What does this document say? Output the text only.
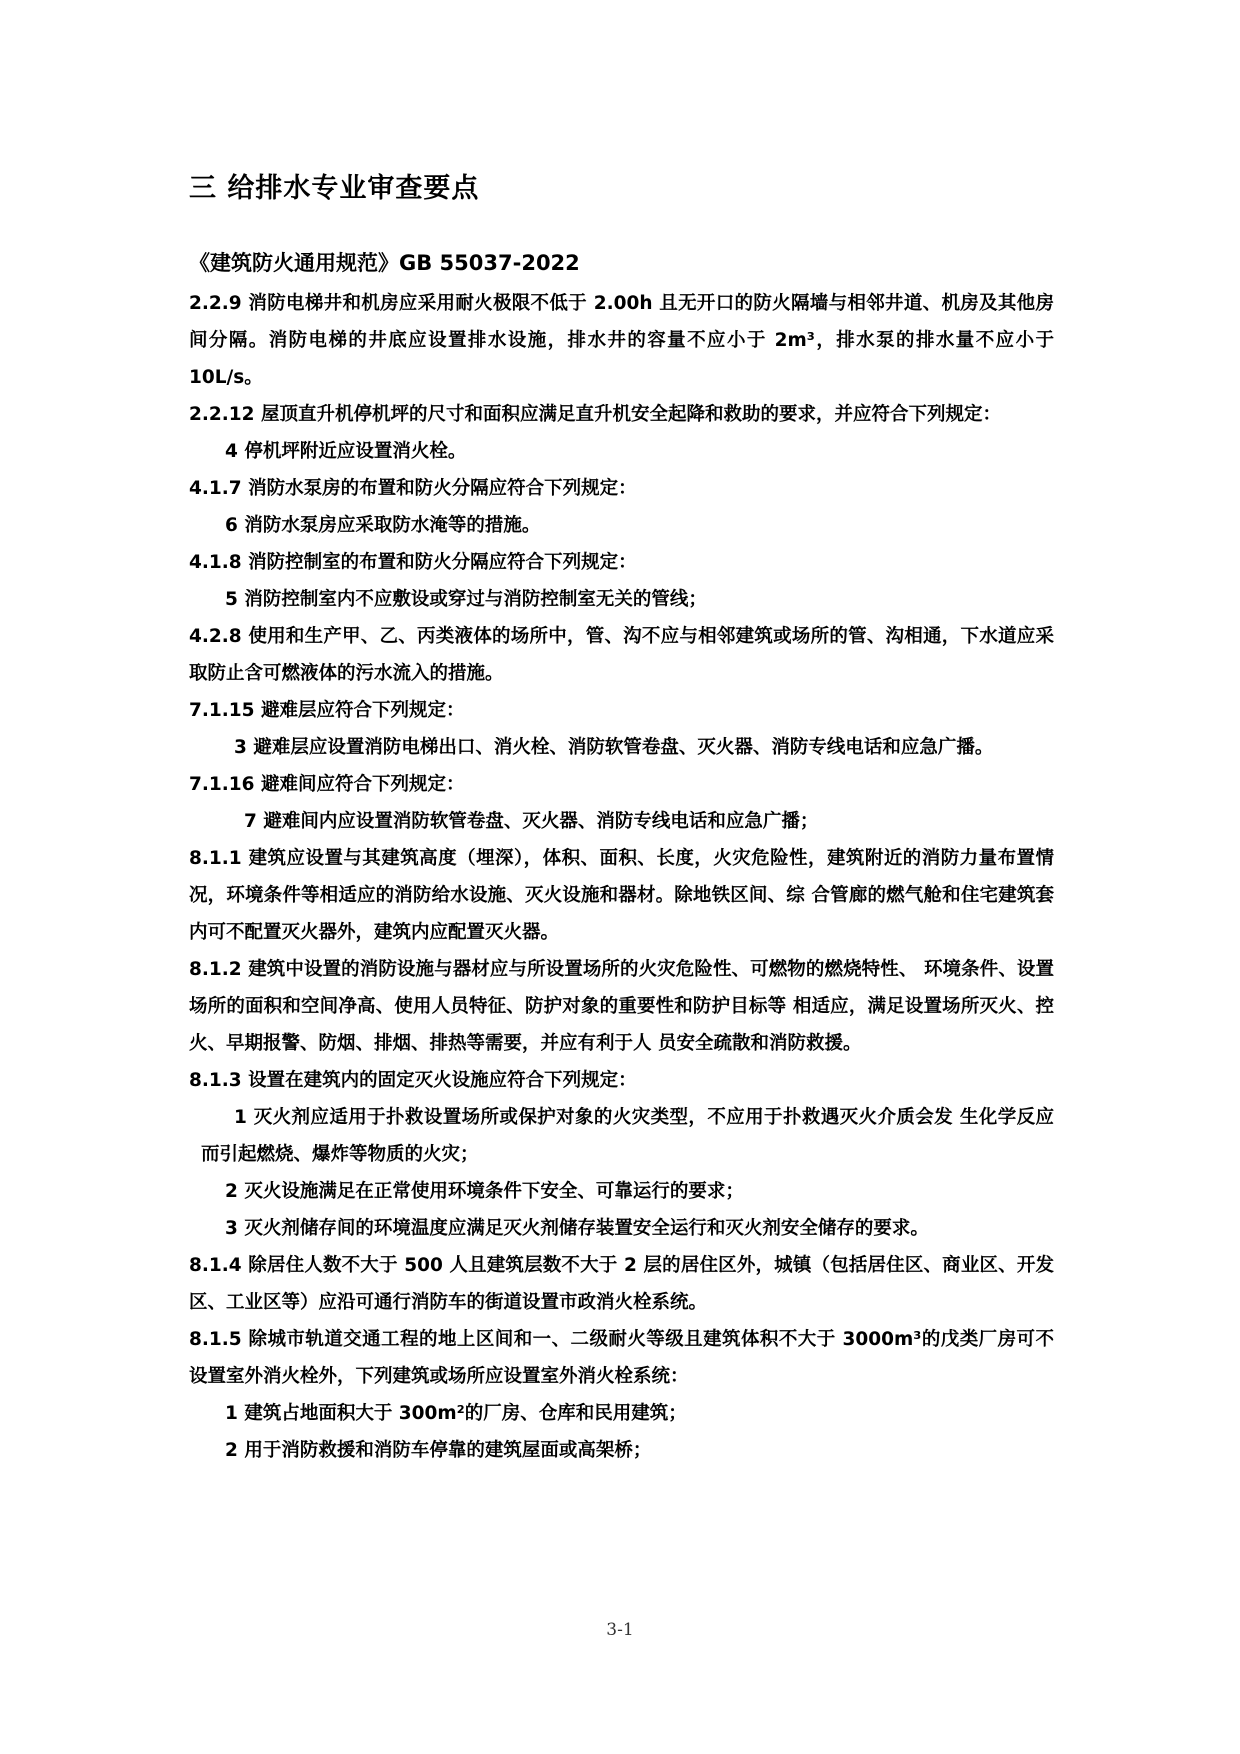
三 给排水专业审查要点
《建筑防火通用规范》GB 55037-2022

2.2.9 消防电梯井和机房应采用耐火极限不低于 2.00h 且无开口的防火隔墙与相邻井道、机房及其他房间分隔。消防电梯的井底应设置排水设施，排水井的容量不应小于 2m³，排水泵的排水量不应小于 10L/s。

2.2.12 屋顶直升机停机坪的尺寸和面积应满足直升机安全起降和救助的要求，并应符合下列规定：

4 停机坪附近应设置消火栓。

4.1.7 消防水泵房的布置和防火分隔应符合下列规定：

6 消防水泵房应采取防水淹等的措施。

4.1.8 消防控制室的布置和防火分隔应符合下列规定：

5 消防控制室内不应敷设或穿过与消防控制室无关的管线；

4.2.8 使用和生产甲、乙、丙类液体的场所中，管、沟不应与相邻建筑或场所的管、沟相通，下水道应采取防止含可燃液体的污水流入的措施。

7.1.15 避难层应符合下列规定：

3 避难层应设置消防电梯出口、消火栓、消防软管卷盘、灭火器、消防专线电话和应急广播。

7.1.16 避难间应符合下列规定：

7 避难间内应设置消防软管卷盘、灭火器、消防专线电话和应急广播；

8.1.1 建筑应设置与其建筑高度（埋深），体积、面积、长度，火灾危险性，建筑附近的消防力量布置情况，环境条件等相适应的消防给水设施、灭火设施和器材。除地铁区间、综 合管廊的燃气舱和住宅建筑套内可不配置灭火器外，建筑内应配置灭火器。

8.1.2 建筑中设置的消防设施与器材应与所设置场所的火灾危险性、可燃物的燃烧特性、 环境条件、设置场所的面积和空间净高、使用人员特征、防护对象的重要性和防护目标等 相适应，满足设置场所灭火、控火、早期报警、防烟、排烟、排热等需要，并应有利于人 员安全疏散和消防救援。

8.1.3 设置在建筑内的固定灭火设施应符合下列规定：

1 灭火剂应适用于扑救设置场所或保护对象的火灾类型，不应用于扑救遇灭火介质会发 生化学反应而引起燃烧、爆炸等物质的火灾；

2 灭火设施满足在正常使用环境条件下安全、可靠运行的要求；

3 灭火剂储存间的环境温度应满足灭火剂储存装置安全运行和灭火剂安全储存的要求。

8.1.4 除居住人数不大于 500 人且建筑层数不大于 2 层的居住区外，城镇（包括居住区、商业区、开发区、工业区等）应沿可通行消防车的街道设置市政消火栓系统。

8.1.5 除城市轨道交通工程的地上区间和一、二级耐火等级且建筑体积不大于 3000m³的戊类厂房可不设置室外消火栓外，下列建筑或场所应设置室外消火栓系统：

1 建筑占地面积大于 300m²的厂房、仓库和民用建筑；

2 用于消防救援和消防车停靠的建筑屋面或高架桥；

3-1
